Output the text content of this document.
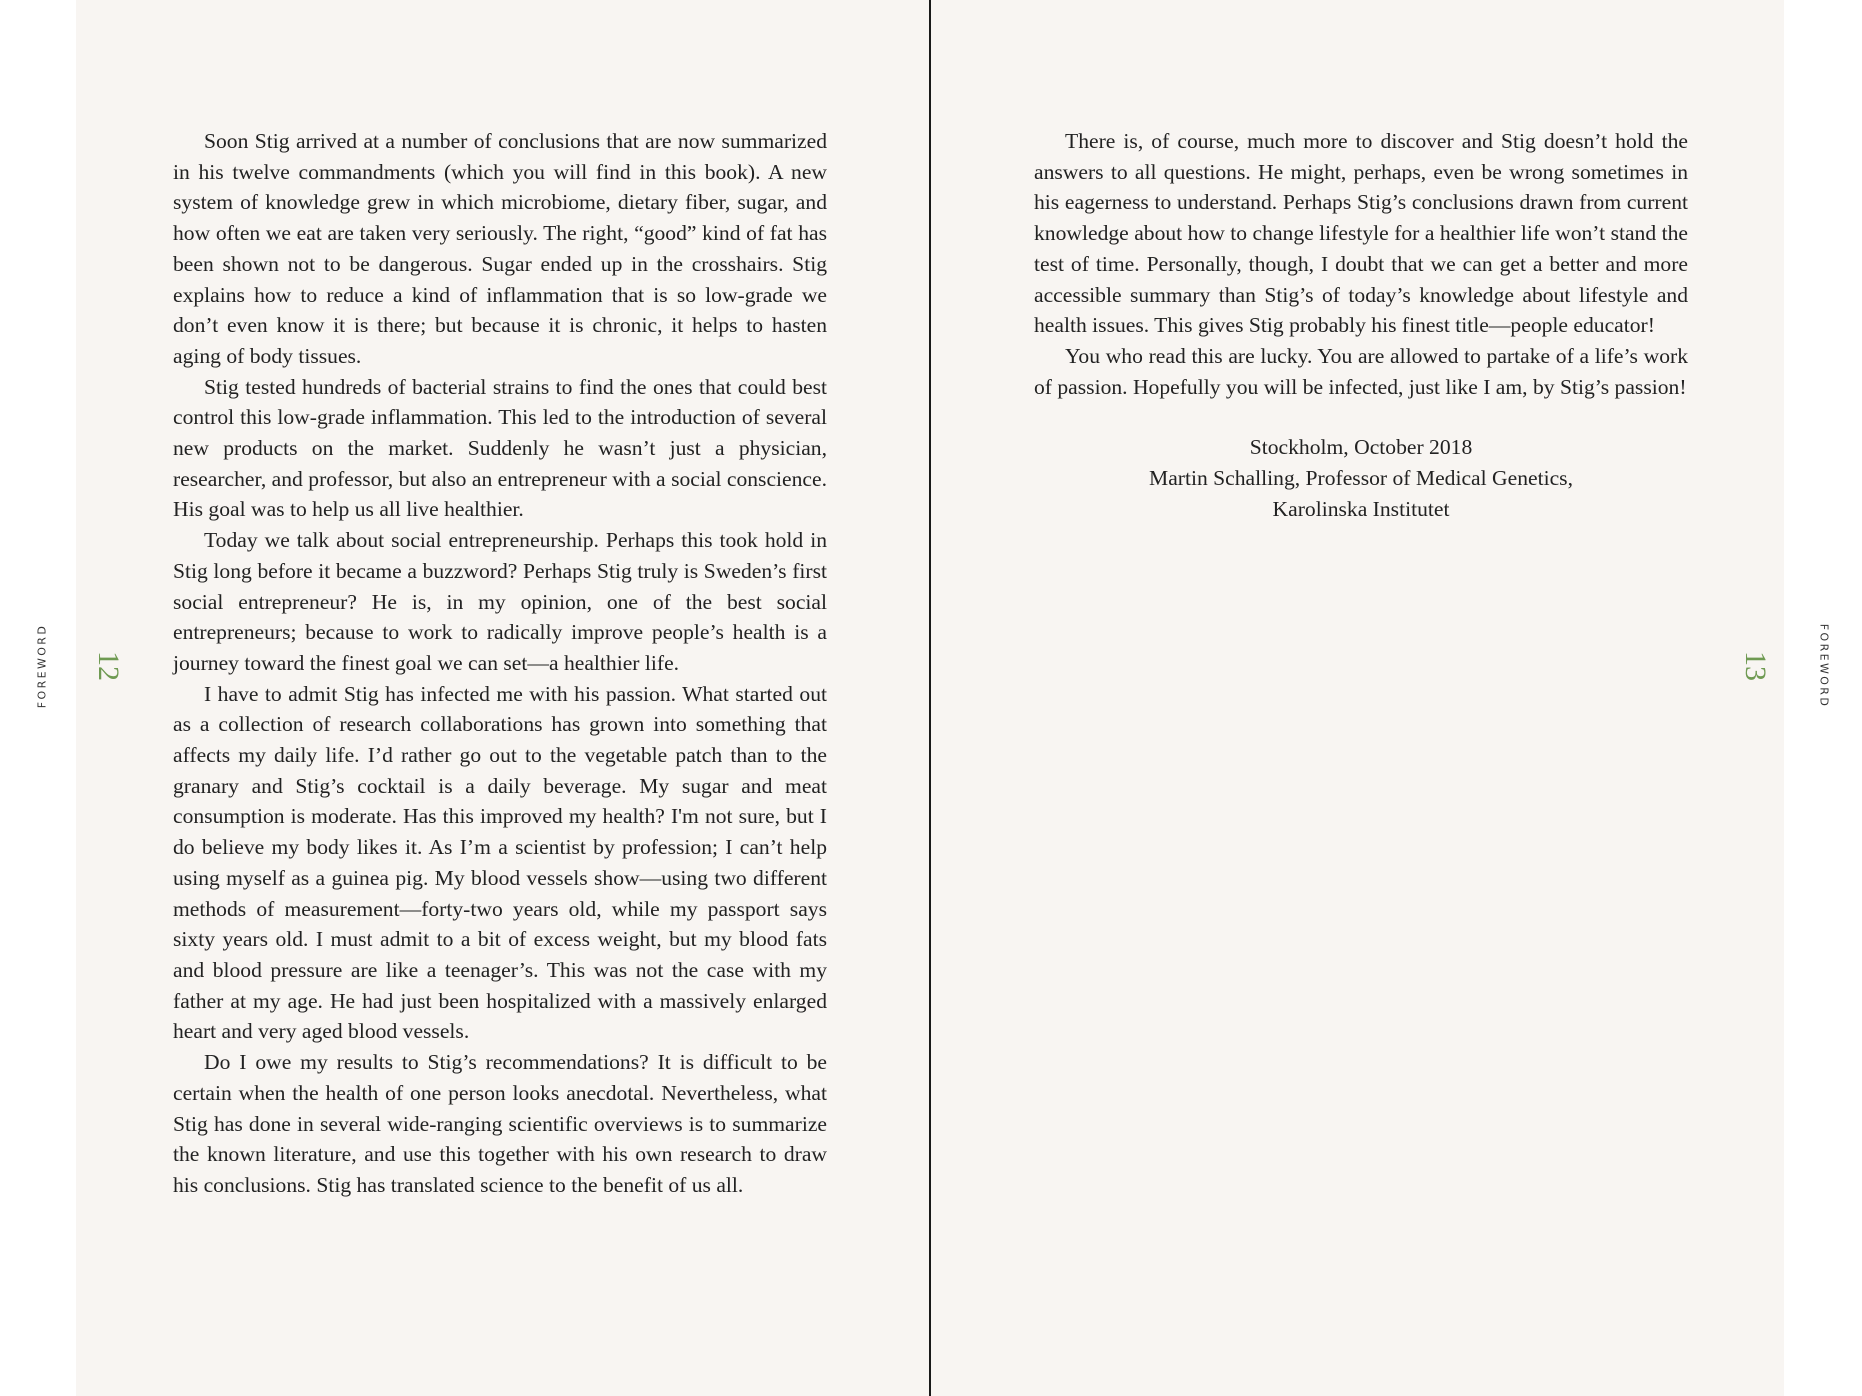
FOREWORD 12

Soon Stig arrived at a number of conclusions that are now summarized in his twelve commandments (which you will find in this book). A new system of knowledge grew in which microbiome, dietary fiber, sugar, and how often we eat are taken very seriously. The right, “good” kind of fat has been shown not to be dangerous. Sugar ended up in the crosshairs. Stig explains how to reduce a kind of inflammation that is so low-grade we don’t even know it is there; but because it is chronic, it helps to hasten aging of body tissues.

Stig tested hundreds of bacterial strains to find the ones that could best control this low-grade inflammation. This led to the introduction of several new products on the market. Suddenly he wasn’t just a physician, researcher, and professor, but also an entrepreneur with a social conscience. His goal was to help us all live healthier.

Today we talk about social entrepreneurship. Perhaps this took hold in Stig long before it became a buzzword? Perhaps Stig truly is Sweden’s first social entrepreneur? He is, in my opinion, one of the best social entrepreneurs; because to work to radically improve people’s health is a journey toward the finest goal we can set—a healthier life.

I have to admit Stig has infected me with his passion. What started out as a collection of research collaborations has grown into something that affects my daily life. I’d rather go out to the vegetable patch than to the granary and Stig’s cocktail is a daily beverage. My sugar and meat consumption is moderate. Has this improved my health? I'm not sure, but I do believe my body likes it. As I’m a scientist by profession; I can’t help using myself as a guinea pig. My blood vessels show—using two different methods of measurement—forty-two years old, while my passport says sixty years old. I must admit to a bit of excess weight, but my blood fats and blood pressure are like a teenager’s. This was not the case with my father at my age. He had just been hospitalized with a massively enlarged heart and very aged blood vessels.

Do I owe my results to Stig’s recommendations? It is difficult to be certain when the health of one person looks anecdotal. Nevertheless, what Stig has done in several wide-ranging scientific overviews is to summarize the known literature, and use this together with his own research to draw his conclusions. Stig has translated science to the benefit of us all.

There is, of course, much more to discover and Stig doesn’t hold the answers to all questions. He might, perhaps, even be wrong sometimes in his eagerness to understand. Perhaps Stig’s conclusions drawn from current knowledge about how to change lifestyle for a healthier life won’t stand the test of time. Personally, though, I doubt that we can get a better and more accessible summary than Stig’s of today’s knowledge about lifestyle and health issues. This gives Stig probably his finest title—people educator!

You who read this are lucky. You are allowed to partake of a life’s work of passion. Hopefully you will be infected, just like I am, by Stig’s passion!

Stockholm, October 2018
Martin Schalling, Professor of Medical Genetics,
Karolinska Institutet
13	FOREWORD
